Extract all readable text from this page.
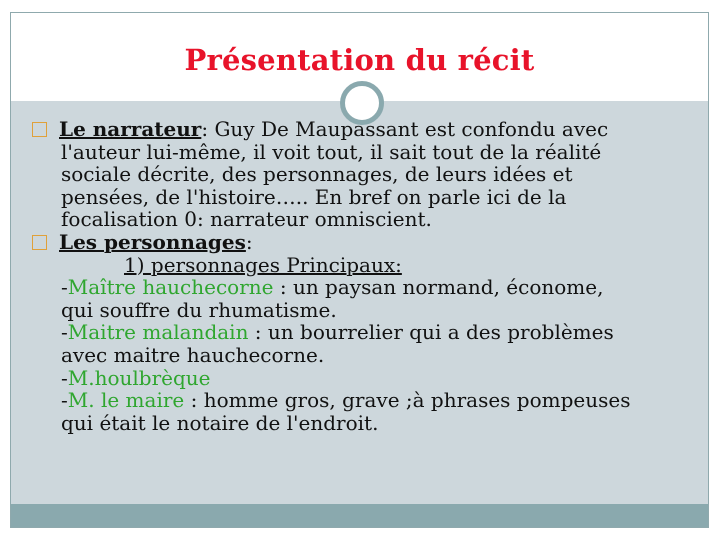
Présentation du récit
Le narrateur: Guy De Maupassant est confondu avec
l'auteur lui-même, il voit tout, il sait tout de la réalité
sociale décrite, des personnages, de leurs idées et
pensées, de l'histoire….. En bref on parle ici de la
focalisation 0: narrateur omniscient.
Les personnages:
1) personnages Principaux:
-Maître hauchecorne : un paysan normand, économe,
qui souffre du rhumatisme.
-Maitre malandain : un bourrelier qui a des problèmes
avec maitre hauchecorne.
-M.houlbrèque
-M. le maire : homme gros, grave ;à phrases pompeuses
qui était le notaire de l'endroit.
